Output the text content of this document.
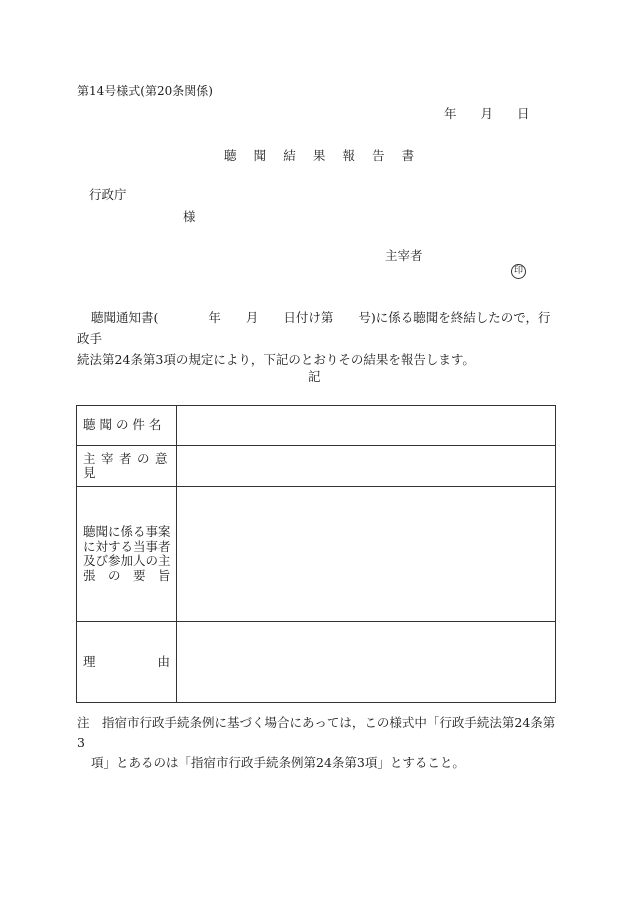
第14号様式(第20条関係)
年 月 日
聴 聞 結 果 報 告 書
行政庁
様
主宰者
印

聴聞通知書(　　　　年　　月　　日付け第　　号)に係る聴聞を終結したので，行政手

続法第24条第3項の規定により，下記のとおりその結果を報告します。

記
聴 聞 の 件 名	
主宰者の意見	

聴聞に係る事案
に対する当事者
及び参加人の主
張　の　要　旨	

理 由	

注　指宿市行政手続条例に基づく場合にあっては，この様式中「行政手続法第24条第3
項」とあるのは「指宿市行政手続条例第24条第3項」とすること。
